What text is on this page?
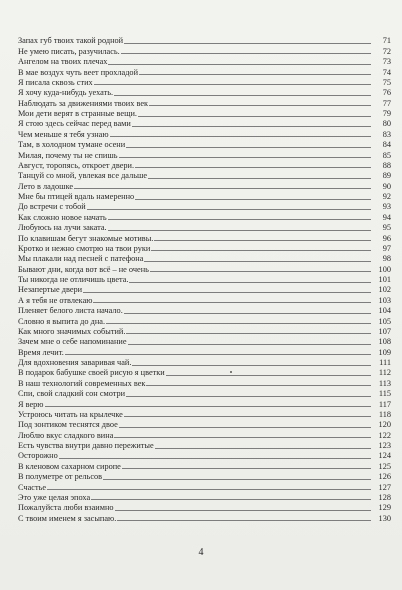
Запах губ твоих такой родной	71
Не умею писать, разучилась.	72
Ангелом на твоих плечах	73
В мае воздух чуть веет прохладой	74
Я писала сквозь стих	75
Я хочу куда-нибудь уехать.	76
Наблюдать за движениями твоих век	77
Мои дети верят в странные вещи.	79
Я стою здесь сейчас перед вами	80
Чем меньше я тебя узнаю	83
Там, в холодном тумане осени	84
Милая, почему ты не спишь	85
Август, торопясь, откроет двери.	88
Танцуй со мной, увлекая все дальше	89
Лето в ладошке	90
Мне бы птицей вдаль намеренно	92
До встречи с тобой	93
Как сложно новое начать	94
Любуюсь на лучи заката.	95
По клавишам бегут знакомые мотивы.	96
Кротко и нежно смотрю на твои руки	97
Мы плакали над песней с патефона	98
Бывают дни, когда вот всё – не очень	100
Ты никогда не отличишь цвета.	101
Незапертые двери	102
А я тебя не отвлекаю	103
Пленяет белого листа начало.	104
Словно я выпита до дна.	105
Как много значимых событий.	107
Зачем мне о себе напоминание	108
Время лечит.	109
Для вдохновения заваривая чай.	111
В подарок бабушке своей рисую я цветки	112
В наш технологий современных век	113
Спи, свой сладкий сон смотри	115
Я верю	117
Устроюсь читать на крылечке	118
Под зонтиком теснятся двое	120
Люблю вкус сладкого вина	122
Есть чувства внутри давно пережитые	123
Осторожно	124
В кленовом сахарном сиропе	125
В полуметре от рельсов	126
Счастье	127
Это уже целая эпоха	128
Пожалуйста люби взаимно	129
С твоим именем я засыпаю.	130
4
